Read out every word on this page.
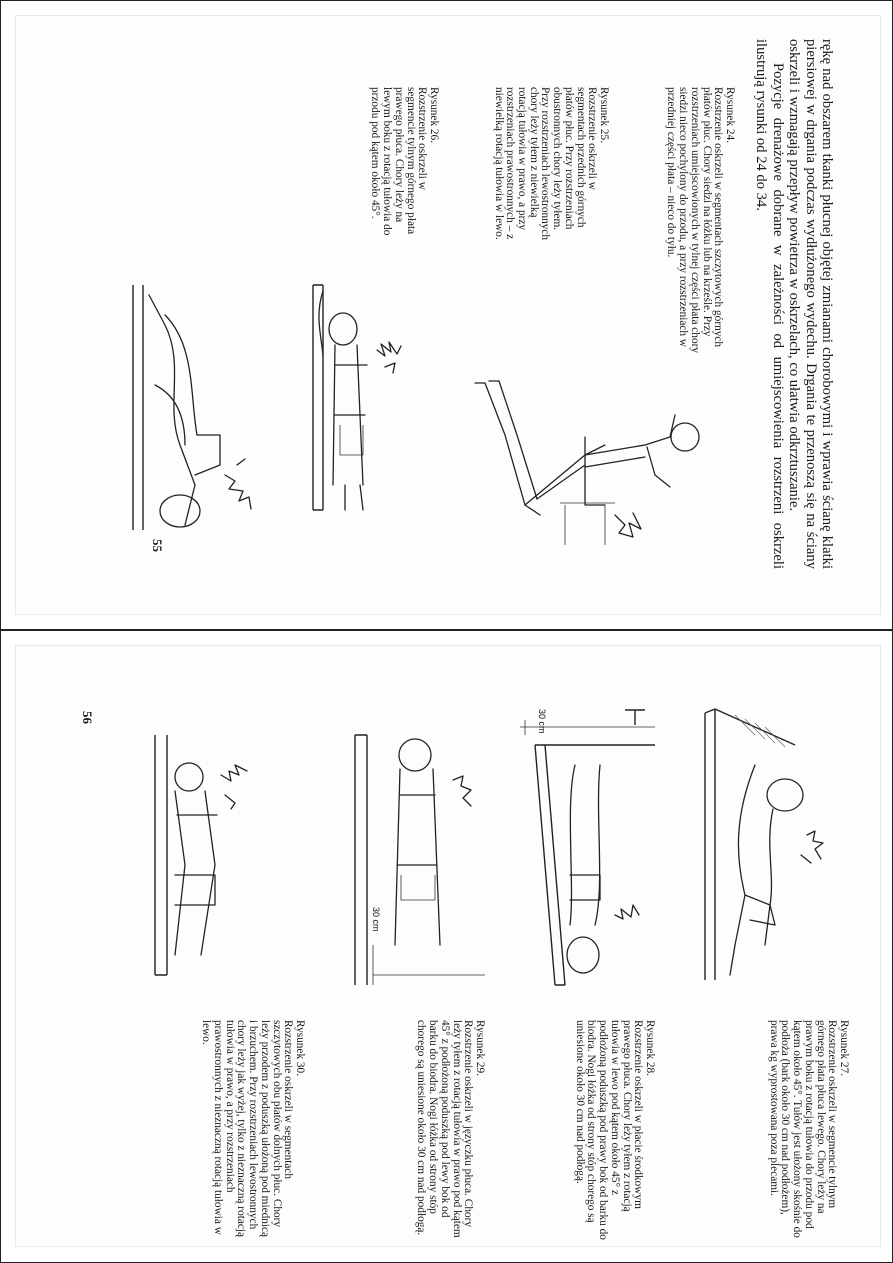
rękę nad obszarem tkanki płucnej objętej zmianami chorobowymi i wprawia ścianę klatki piersiowej w drgania podczas wydłużonego wydechu. Drgania te przenoszą się na ściany oskrzeli i wzmagają przepływ powietrza w oskrzelach, co ułatwia odkrztuszanie.

Pozycje drenażowe dobrane w zależności od umiejscowienia rozstrzeni oskrzeli ilustrują rysunki od 24 do 34.

Rysunek 24.
Rozstrzenie oskrzeli w segmentach szczytowych górnych płatów płuc. Chory siedzi na łóżku lub na krześle. Przy rozstrzeniach umiejscowionych w tylnej części płata chory siedzi nieco pochylony do przodu, a przy rozstrzeniach w przedniej części płata – nieco do tyłu.
Rysunek 25.
Rozstrzenie oskrzeli w segmentach przednich górnych płatów płuc. Przy rozstrzeniach obustronnych chory leży tyłem. Przy rozstrzeniach lewostronnych chory leży tyłem z niewielką rotacją tułowia w prawo, a przy rozstrzeniach prawostronnych – z niewielką rotacją tułowia w lewo.
Rysunek 26.
Rozstrzenie oskrzeli w segmencie tylnym górnego płata prawego płuca. Chory leży na lewym boku z rotacją tułowia do przodu pod kątem około 45°.
55
Rysunek 27.
Rozstrzenie oskrzeli w segmencie tylnym górnego płata płuca lewego. Chory leży na prawym boku z rotacją tułowia do przodu pod kątem około 45°. Tułów jest ułożony skośnie do podłoża (bark około 30 cm nad podłożem), prawa kg wyprostowana poza plecami.
Rysunek 28.
Rozstrzenie oskrzeli w płacie środkowym prawego płuca. Chory leży tyłem z rotacją tułowia w lewo pod kątem około 45° z podłożoną poduszką pod prawy bok od barku do biodra. Nogi łóżka od strony stóp chorego są uniesione około 30 cm nad podłogą.
Rysunek 29.
Rozstrzenie oskrzeli w języczku płuca. Chory leży tyłem z rotacją tułowia w prawo pod kątem 45° z podłożoną poduszką pod lewy bok od barku do biodra. Nogi łóżka od strony stóp chorego są uniesione około 30 cm nad podłogą.
Rysunek 30.
Rozstrzenie oskrzeli w segmentach szczytowych obu płatów dolnych płuc. Chory leży przodem z poduszką ułożoną pod miednicą i brzuchem. Przy rozstrzeniach lewostronnych chory leży jak wyżej, tylko z nieznaczną rotacją tułowia w prawo, a przy rozstrzeniach prawostronnych z nieznaczną rotacją tułowia w lewo.
56	30 cm
30 cm
